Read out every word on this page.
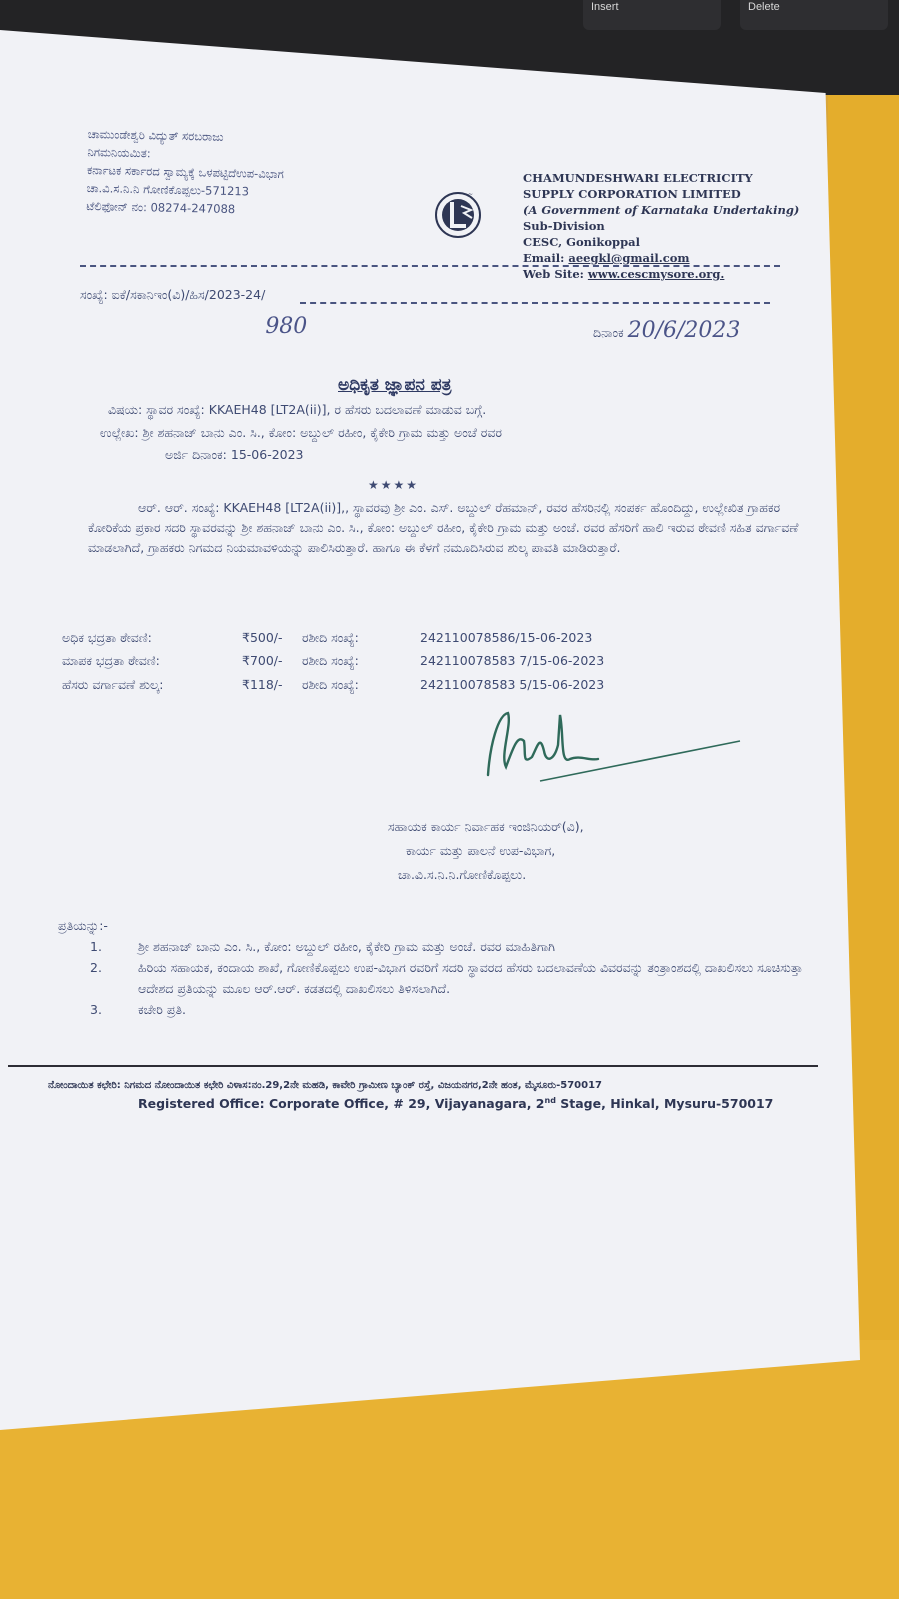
Insert	Delete
ಚಾಮುಂಡೇಶ್ವರಿ ವಿದ್ಯುತ್ ಸರಬರಾಜು
ನಿಗಮನಿಯಮಿತ:
ಕರ್ನಾಟಕ ಸರ್ಕಾರದ ಸ್ವಾಮ್ಯಕ್ಕೆ ಒಳಪಟ್ಟಿದೆಉಪ-ವಿಭಾಗ
ಚಾ.ವಿ.ಸ.ನಿ.ನಿ ಗೋಣಿಕೊಪ್ಪಲು-571213
ಟೆಲಿಫೋನ್ ನಂ: 08274-247088
~
CHAMUNDESHWARI ELECTRICITY
SUPPLY CORPORATION LIMITED
(A Government of Karnataka Undertaking)
Sub-Division
CESC, Gonikoppal
Email: aeegkl@gmail.com
Web Site: www.cescmysore.org.
ಸಂಖ್ಯೆ: ಐಕೆ/ಸಕಾನಿಇಂ(ವಿ)/ಹಿಸ/2023-24/980	ದಿನಾಂಕ 20/6/2023
ಅಧಿಕೃತ ಜ್ಞಾಪನ ಪತ್ರ
ವಿಷಯ: ಸ್ಥಾವರ ಸಂಖ್ಯೆ: KKAEH48 [LT2A(ii)], ರ ಹೆಸರು ಬದಲಾವಣೆ ಮಾಡುವ ಬಗ್ಗೆ.
ಉಲ್ಲೇಖ: ಶ್ರೀ ಶಹನಾಜ್ ಬಾನು ಎಂ. ಸಿ., ಕೋಂ: ಅಬ್ದುಲ್ ರಹೀಂ, ಕೈಕೇರಿ ಗ್ರಾಮ ಮತ್ತು ಅಂಚೆ ರವರ
ಅರ್ಜಿ ದಿನಾಂಕ: 15-06-2023
★★★★
ಆರ್. ಆರ್. ಸಂಖ್ಯೆ: KKAEH48 [LT2A(ii)],, ಸ್ಥಾವರವು ಶ್ರೀ ಎಂ. ಎಸ್. ಅಬ್ದುಲ್ ರೆಹಮಾನ್, ರವರ ಹೆಸರಿನಲ್ಲಿ ಸಂಪರ್ಕ ಹೊಂದಿದ್ದು, ಉಲ್ಲೇಖಿತ ಗ್ರಾಹಕರ ಕೋರಿಕೆಯ ಪ್ರಕಾರ ಸದರಿ ಸ್ಥಾವರವನ್ನು ಶ್ರೀ ಶಹನಾಜ್ ಬಾನು ಎಂ. ಸಿ., ಕೋಂ: ಅಬ್ದುಲ್ ರಹೀಂ, ಕೈಕೇರಿ ಗ್ರಾಮ ಮತ್ತು ಅಂಚೆ. ರವರ ಹೆಸರಿಗೆ ಹಾಲಿ ಇರುವ ಠೇವಣಿ ಸಹಿತ ವರ್ಗಾವಣೆ ಮಾಡಲಾಗಿದೆ, ಗ್ರಾಹಕರು ನಿಗಮದ ನಿಯಮಾವಳಿಯನ್ನು ಪಾಲಿಸಿರುತ್ತಾರೆ. ಹಾಗೂ ಈ ಕೆಳಗೆ ನಮೂದಿಸಿರುವ ಶುಲ್ಕ ಪಾವತಿ ಮಾಡಿರುತ್ತಾರೆ.
ಅಧಿಕ ಭದ್ರತಾ ಠೇವಣಿ:	₹500/- ರಶೀದಿ ಸಂಖ್ಯೆ:	242110078586/15-06-2023
ಮಾಪಕ ಭದ್ರತಾ ಠೇವಣಿ:	₹700/- ರಶೀದಿ ಸಂಖ್ಯೆ:	242110078583 7/15-06-2023
ಹೆಸರು ವರ್ಗಾವಣೆ ಶುಲ್ಕ:	₹118/- ರಶೀದಿ ಸಂಖ್ಯೆ:	242110078583 5/15-06-2023
ಸಹಾಯಕ ಕಾರ್ಯ ನಿರ್ವಾಹಕ ಇಂಜಿನಿಯರ್(ವಿ),
ಕಾರ್ಯ ಮತ್ತು ಪಾಲನೆ ಉಪ-ವಿಭಾಗ,
ಚಾ.ವಿ.ಸ.ನಿ.ನಿ.ಗೋಣಿಕೊಪ್ಪಲು.
ಪ್ರತಿಯನ್ನು:-
1.	ಶ್ರೀ ಶಹನಾಜ್ ಬಾನು ಎಂ. ಸಿ., ಕೋಂ: ಅಬ್ದುಲ್ ರಹೀಂ, ಕೈಕೇರಿ ಗ್ರಾಮ ಮತ್ತು ಅಂಚೆ. ರವರ ಮಾಹಿತಿಗಾಗಿ
2.	ಹಿರಿಯ ಸಹಾಯಕ, ಕಂದಾಯ ಶಾಖೆ, ಗೋಣಿಕೊಪ್ಪಲು ಉಪ-ವಿಭಾಗ ರವರಿಗೆ ಸದರಿ ಸ್ಥಾವರದ ಹೆಸರು ಬದಲಾವಣೆಯ ವಿವರವನ್ನು ತಂತ್ರಾಂಶದಲ್ಲಿ ದಾಖಲಿಸಲು ಸೂಚಿಸುತ್ತಾ ಆದೇಶದ ಪ್ರತಿಯನ್ನು ಮೂಲ ಆರ್.ಆರ್. ಕಡತದಲ್ಲಿ ದಾಖಲಿಸಲು ತಿಳಿಸಲಾಗಿದೆ.
3.	ಕಚೇರಿ ಪ್ರತಿ.
ನೋಂದಾಯಿತ ಕಛೇರಿ: ನಿಗಮದ ನೋಂದಾಯಿತ ಕಛೇರಿ ವಿಳಾಸ:ನಂ.29,2ನೇ ಮಹಡಿ, ಕಾವೇರಿ ಗ್ರಾಮೀಣ ಬ್ಯಾಂಕ್ ರಸ್ತೆ, ವಿಜಯನಗರ,2ನೇ ಹಂತ, ಮೈಸೂರು-570017
Registered Office: Corporate Office, # 29, Vijayanagara, 2nd Stage, Hinkal, Mysuru-570017
